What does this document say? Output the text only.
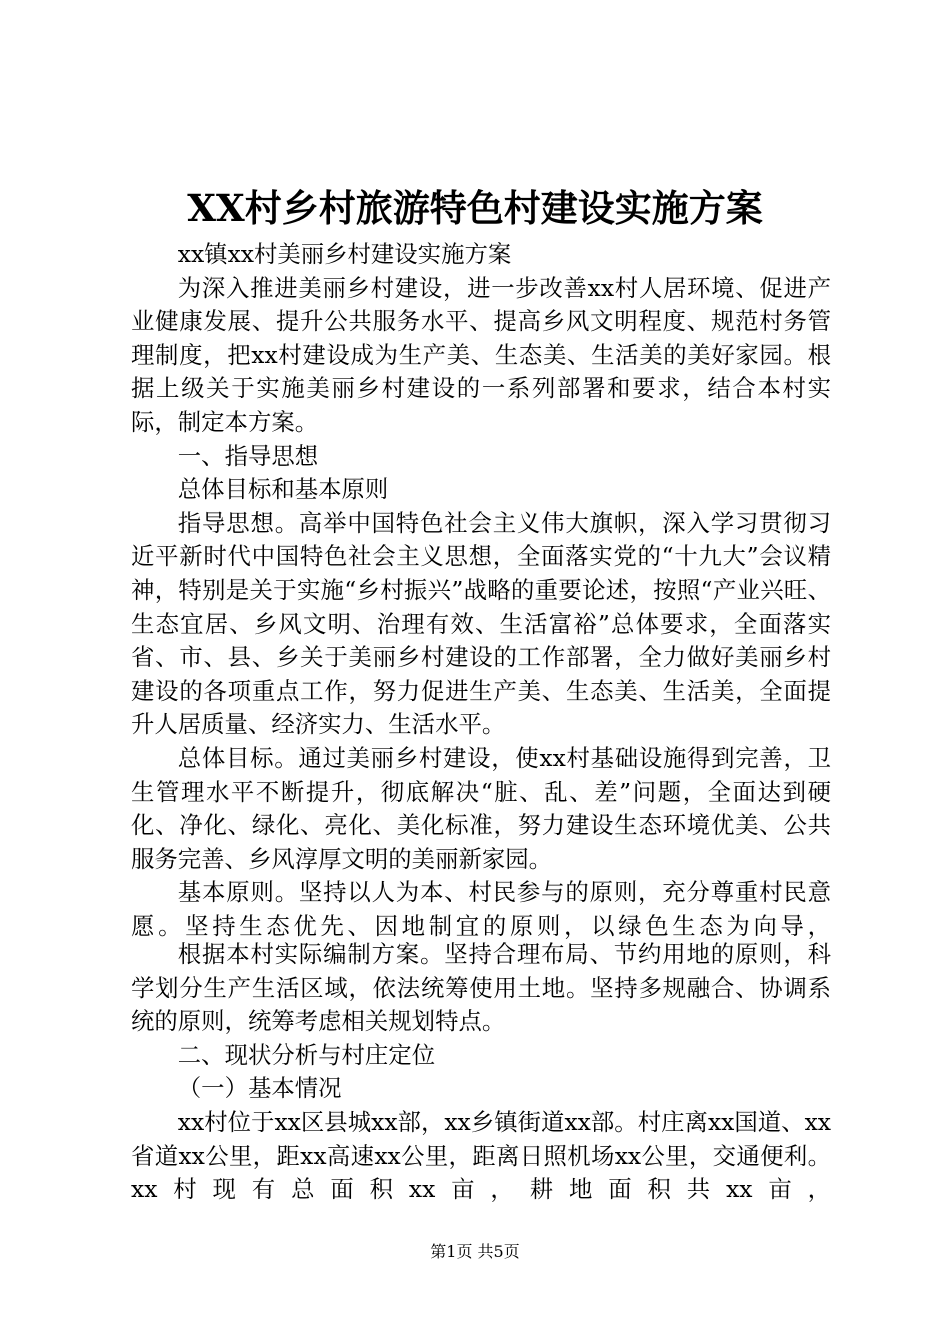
XX村乡村旅游特色村建设实施方案

xx镇xx村美丽乡村建设实施方案

为深入推进美丽乡村建设，进一步改善xx村人居环境、促进产业健康发展、提升公共服务水平、提高乡风文明程度、规范村务管理制度，把xx村建设成为生产美、生态美、生活美的美好家园。根据上级关于实施美丽乡村建设的一系列部署和要求，结合本村实际，制定本方案。

一、指导思想

总体目标和基本原则

指导思想。高举中国特色社会主义伟大旗帜，深入学习贯彻习近平新时代中国特色社会主义思想，全面落实党的“十九大”会议精神，特别是关于实施“乡村振兴”战略的重要论述，按照“产业兴旺、生态宜居、乡风文明、治理有效、生活富裕”总体要求，全面落实省、市、县、乡关于美丽乡村建设的工作部署，全力做好美丽乡村建设的各项重点工作，努力促进生产美、生态美、生活美，全面提升人居质量、经济实力、生活水平。

总体目标。通过美丽乡村建设，使xx村基础设施得到完善，卫生管理水平不断提升，彻底解决“脏、乱、差”问题，全面达到硬化、净化、绿化、亮化、美化标准，努力建设生态环境优美、公共服务完善、乡风淳厚文明的美丽新家园。

基本原则。坚持以人为本、村民参与的原则，充分尊重村民意愿。坚持生态优先、因地制宜的原则，以绿色生态为向导，

根据本村实际编制方案。坚持合理布局、节约用地的原则，科学划分生产生活区域，依法统筹使用土地。坚持多规融合、协调系统的原则，统筹考虑相关规划特点。

二、现状分析与村庄定位

（一）基本情况

xx村位于xx区县城xx部，xx乡镇街道xx部。村庄离xx国道、xx省道xx公里，距xx高速xx公里，距离日照机场xx公里，交通便利。xx村现有总面积xx亩，耕地面积共xx亩，

第1页 共5页
